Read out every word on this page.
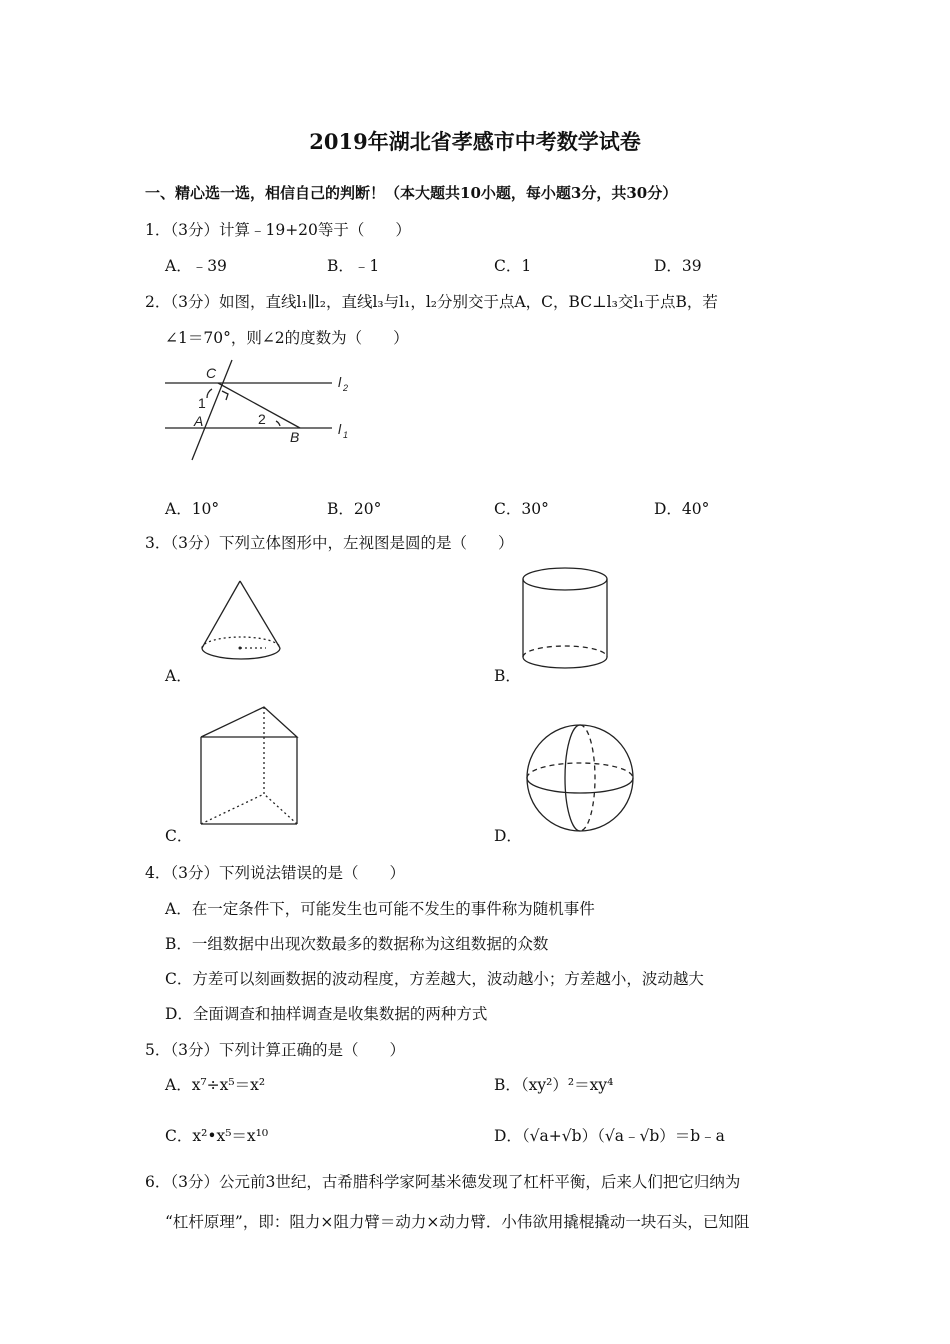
2019年湖北省孝感市中考数学试卷
一、精心选一选，相信自己的判断！（本大题共10小题，每小题3分，共30分）
1．（3分）计算﹣19+20等于（　　）
A．﹣39	B．﹣1	C．1	D．39
2．（3分）如图，直线l₁∥l₂，直线l₃与l₁，l₂分别交于点A，C，BC⊥l₃交l₁于点B，若
∠1＝70°，则∠2的度数为（　　）
C
A
B
l 2
l 1
1
2
A．10°	B．20°	C．30°	D．40°
3．（3分）下列立体图形中，左视图是圆的是（　　）
A．	B．
C．	D．
4．（3分）下列说法错误的是（　　）
A．在一定条件下，可能发生也可能不发生的事件称为随机事件
B．一组数据中出现次数最多的数据称为这组数据的众数
C．方差可以刻画数据的波动程度，方差越大，波动越小；方差越小，波动越大
D．全面调查和抽样调查是收集数据的两种方式
5．（3分）下列计算正确的是（　　）
A．x⁷÷x⁵＝x²	B．（xy²）²＝xy⁴
C．x²•x⁵＝x¹⁰	D．（√a+√b）（√a﹣√b）＝b﹣a
6．（3分）公元前3世纪，古希腊科学家阿基米德发现了杠杆平衡，后来人们把它归纳为
“杠杆原理”，即：阻力×阻力臂＝动力×动力臂．小伟欲用撬棍撬动一块石头，已知阻
